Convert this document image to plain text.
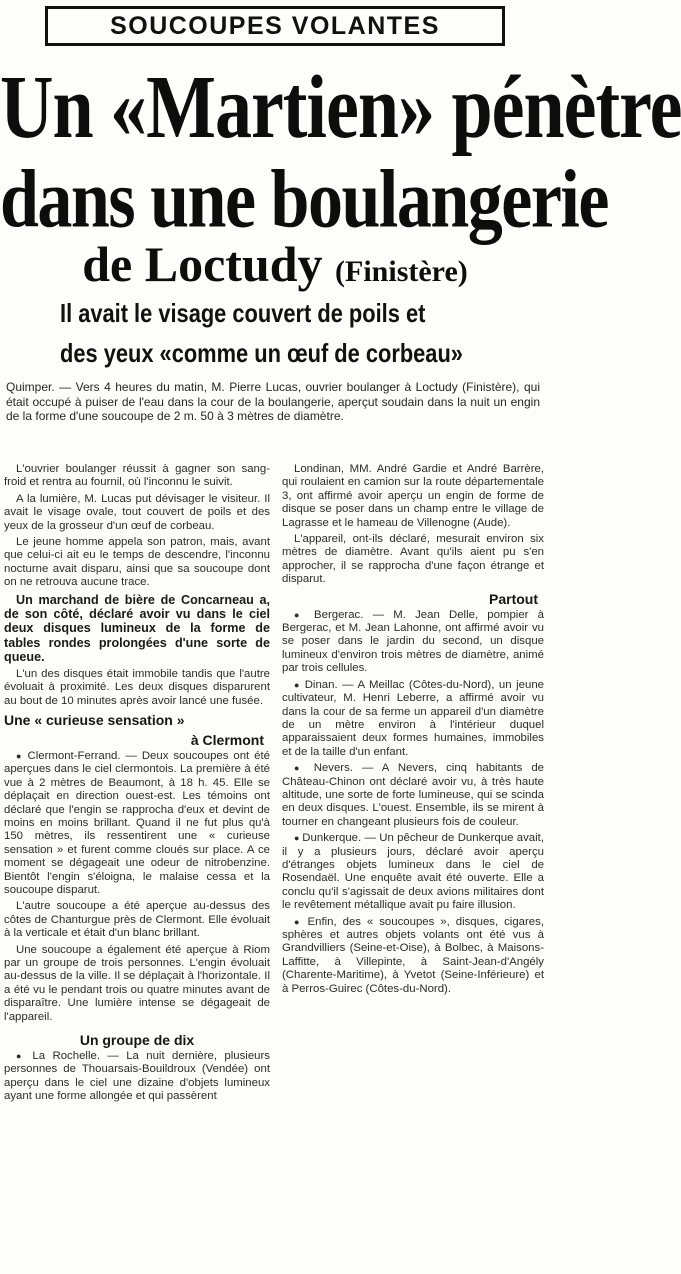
SOUCOUPES VOLANTES
Un «Martien» pénètre
dans une boulangerie
de Loctudy (Finistère)
Il avait le visage couvert de poils et
des yeux «comme un œuf de corbeau»

Quimper. — Vers 4 heures du matin, M. Pierre Lucas, ouvrier boulanger à Loctudy (Finistère), qui était occupé à puiser de l'eau dans la cour de la boulangerie, aperçut soudain dans la nuit un engin de la forme d'une soucoupe de 2 m. 50 à 3 mètres de diamètre.

L'ouvrier boulanger réussit à gagner son sang-froid et rentra au fournil, où l'inconnu le suivit.

A la lumière, M. Lucas put dévisager le visiteur. Il avait le visage ovale, tout couvert de poils et des yeux de la grosseur d'un œuf de corbeau.

Le jeune homme appela son patron, mais, avant que celui-ci ait eu le temps de descendre, l'inconnu nocturne avait disparu, ainsi que sa soucoupe dont on ne retrouva aucune trace.

Un marchand de bière de Concarneau a, de son côté, déclaré avoir vu dans le ciel deux disques lumineux de la forme de tables rondes prolongées d'une sorte de queue.

L'un des disques était immobile tandis que l'autre évoluait à proximité. Les deux disques disparurent au bout de 10 minutes après avoir lancé une fusée.

Une « curieuse sensation »
à Clermont

● Clermont-Ferrand. — Deux soucoupes ont été aperçues dans le ciel clermontois. La première à été vue à 2 mètres de Beaumont, à 18 h. 45. Elle se déplaçait en direction ouest-est. Les témoins ont déclaré que l'engin se rapprocha d'eux et devint de moins en moins brillant. Quand il ne fut plus qu'à 150 mètres, ils ressentirent une « curieuse sensation » et furent comme cloués sur place. A ce moment se dégageait une odeur de nitrobenzine. Bientôt l'engin s'éloigna, le malaise cessa et la soucoupe disparut.

L'autre soucoupe a été aperçue au-dessus des côtes de Chanturgue près de Clermont. Elle évoluait à la verticale et était d'un blanc brillant.

Une soucoupe a également été aperçue à Riom par un groupe de trois personnes. L'engin évoluait au-dessus de la ville. Il se déplaçait à l'horizontale. Il a été vu le pendant trois ou quatre minutes avant de disparaître. Une lumière intense se dégageait de l'appareil.

Un groupe de dix

● La Rochelle. — La nuit dernière, plusieurs personnes de Thouarsais-Bouildroux (Vendée) ont aperçu dans le ciel une dizaine d'objets lumineux ayant une forme allongée et qui passèrent

Londinan, MM. André Gardie et André Barrère, qui roulaient en camion sur la route départementale 3, ont affirmé avoir aperçu un engin de forme de disque se poser dans un champ entre le village de Lagrasse et le hameau de Villenogne (Aude).

L'appareil, ont-ils déclaré, mesurait environ six mètres de diamètre. Avant qu'ils aient pu s'en approcher, il se rapprocha d'une façon étrange et disparut.

Partout

● Bergerac. — M. Jean Delle, pompier à Bergerac, et M. Jean Lahonne, ont affirmé avoir vu se poser dans le jardin du second, un disque lumineux d'environ trois mètres de diamètre, animé par trois cellules.

● Dinan. — A Meillac (Côtes-du-Nord), un jeune cultivateur, M. Henri Leberre, a affirmé avoir vu dans la cour de sa ferme un appareil d'un diamètre de un mètre environ à l'intérieur duquel apparaissaient deux formes humaines, immobiles et de la taille d'un enfant.

● Nevers. — A Nevers, cinq habitants de Château-Chinon ont déclaré avoir vu, à très haute altitude, une sorte de forte lumineuse, qui se scinda en deux disques. L'ouest. Ensemble, ils se mirent à tourner en changeant plusieurs fois de couleur.

● Dunkerque. — Un pêcheur de Dunkerque avait, il y a plusieurs jours, déclaré avoir aperçu d'étranges objets lumineux dans le ciel de Rosendaël. Une enquête avait été ouverte. Elle a conclu qu'il s'agissait de deux avions militaires dont le revêtement métallique avait pu faire illusion.

● Enfin, des « soucoupes », disques, cigares, sphères et autres objets volants ont été vus à Grandvilliers (Seine-et-Oise), à Bolbec, à Maisons-Laffitte, à Villepinte, à Saint-Jean-d'Angély (Charente-Maritime), à Yvetot (Seine-Inférieure) et à Perros-Guirec (Côtes-du-Nord).
